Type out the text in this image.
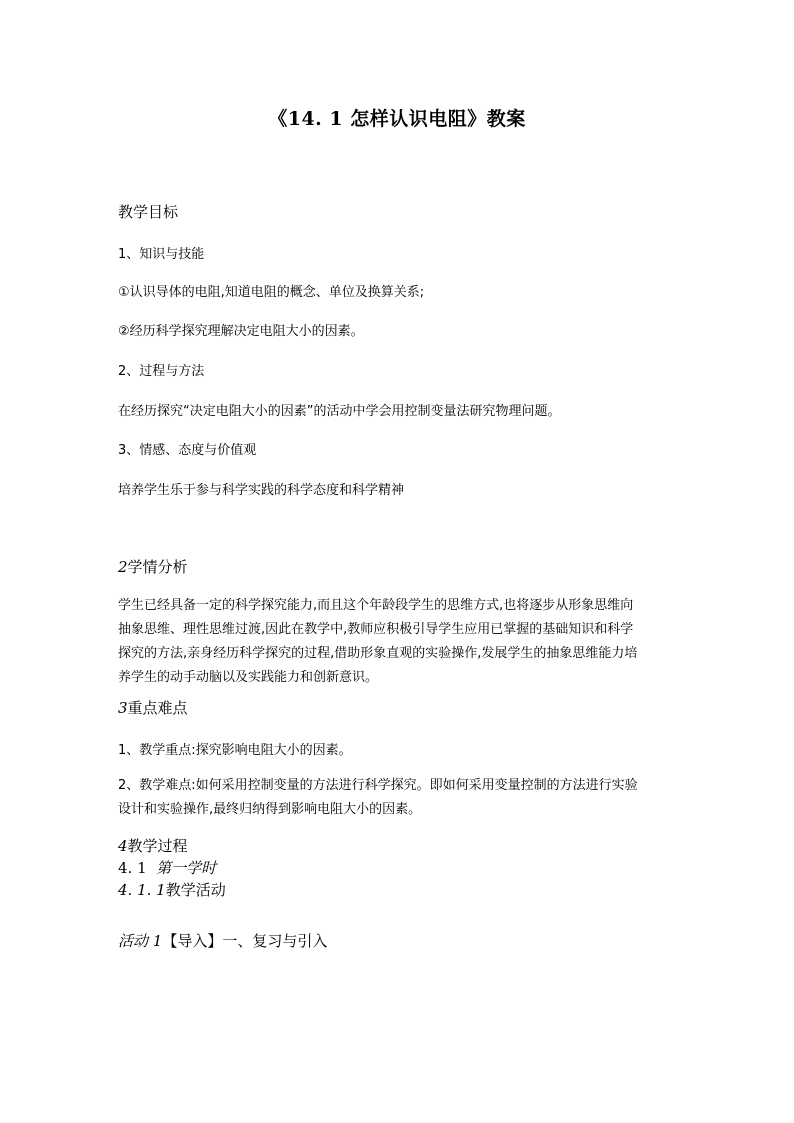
《14. 1 怎样认识电阻》教案
教学目标
1、知识与技能
①认识导体的电阻,知道电阻的概念、单位及换算关系;
②经历科学探究理解决定电阻大小的因素。
2、过程与方法
在经历探究“决定电阻大小的因素”的活动中学会用控制变量法研究物理问题。
3、情感、态度与价值观
培养学生乐于参与科学实践的科学态度和科学精神
2学情分析
学生已经具备一定的科学探究能力,而且这个年龄段学生的思维方式,也将逐步从形象思维向
抽象思维、理性思维过渡,因此在教学中,教师应积极引导学生应用已掌握的基础知识和科学
探究的方法,亲身经历科学探究的过程,借助形象直观的实验操作,发展学生的抽象思维能力培
养学生的动手动脑以及实践能力和创新意识。
3重点难点
1、教学重点:探究影响电阻大小的因素。
2、教学难点:如何采用控制变量的方法进行科学探究。即如何采用变量控制的方法进行实验
设计和实验操作,最终归纳得到影响电阻大小的因素。
4教学过程
4. 1 第一学时
4. 1. 1教学活动
活动 1【导入】一、复习与引入
